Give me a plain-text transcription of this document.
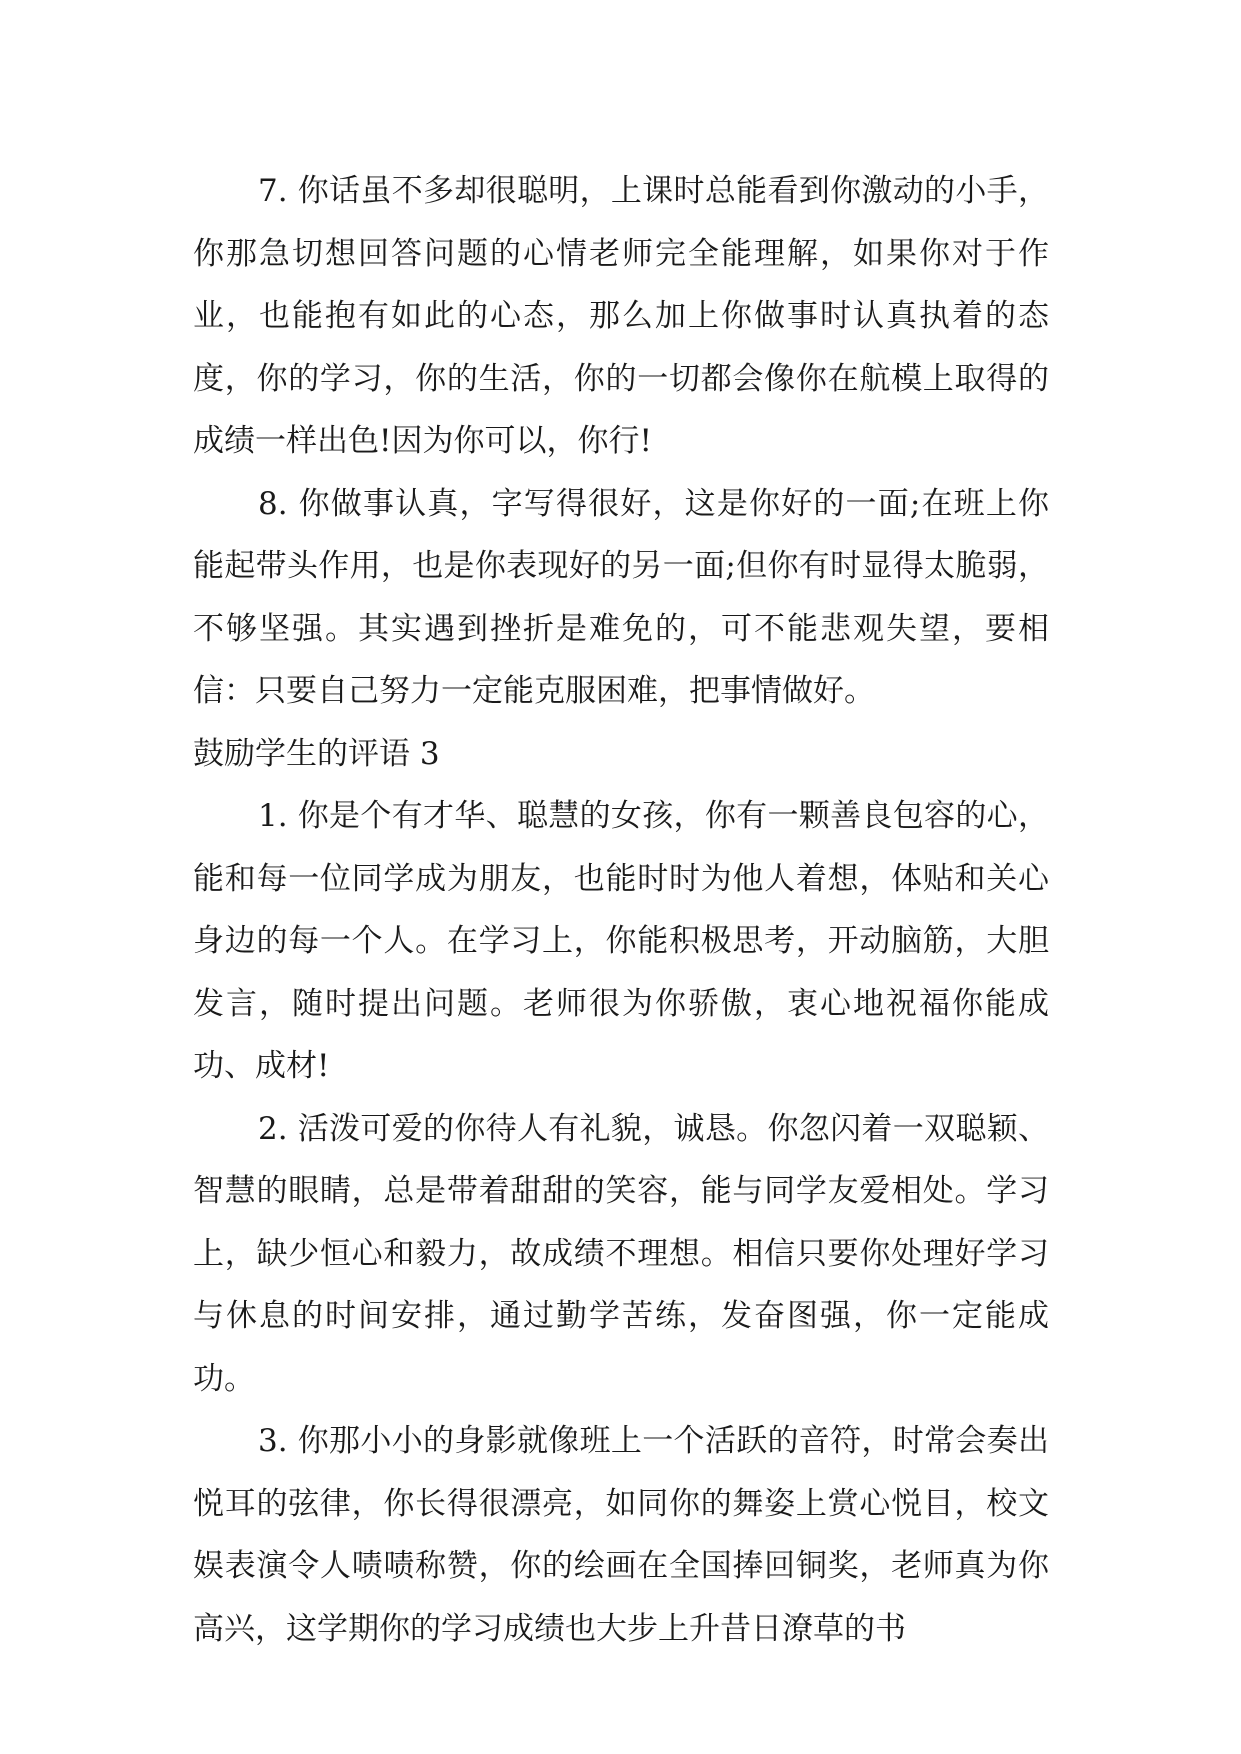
7. 你话虽不多却很聪明，上课时总能看到你激动的小手，你那急切想回答问题的心情老师完全能理解，如果你对于作业，也能抱有如此的心态，那么加上你做事时认真执着的态度，你的学习，你的生活，你的一切都会像你在航模上取得的成绩一样出色!因为你可以，你行!

8. 你做事认真，字写得很好，这是你好的一面;在班上你能起带头作用，也是你表现好的另一面;但你有时显得太脆弱，不够坚强。其实遇到挫折是难免的，可不能悲观失望，要相信：只要自己努力一定能克服困难，把事情做好。

鼓励学生的评语 3

1. 你是个有才华、聪慧的女孩，你有一颗善良包容的心，能和每一位同学成为朋友，也能时时为他人着想，体贴和关心身边的每一个人。在学习上，你能积极思考，开动脑筋，大胆发言，随时提出问题。老师很为你骄傲，衷心地祝福你能成功、成材!

2. 活泼可爱的你待人有礼貌，诚恳。你忽闪着一双聪颖、智慧的眼睛，总是带着甜甜的笑容，能与同学友爱相处。学习上，缺少恒心和毅力，故成绩不理想。相信只要你处理好学习与休息的时间安排，通过勤学苦练，发奋图强，你一定能成功。

3. 你那小小的身影就像班上一个活跃的音符，时常会奏出悦耳的弦律，你长得很漂亮，如同你的舞姿上赏心悦目，校文娱表演令人啧啧称赞，你的绘画在全国捧回铜奖，老师真为你高兴，这学期你的学习成绩也大步上升昔日潦草的书
